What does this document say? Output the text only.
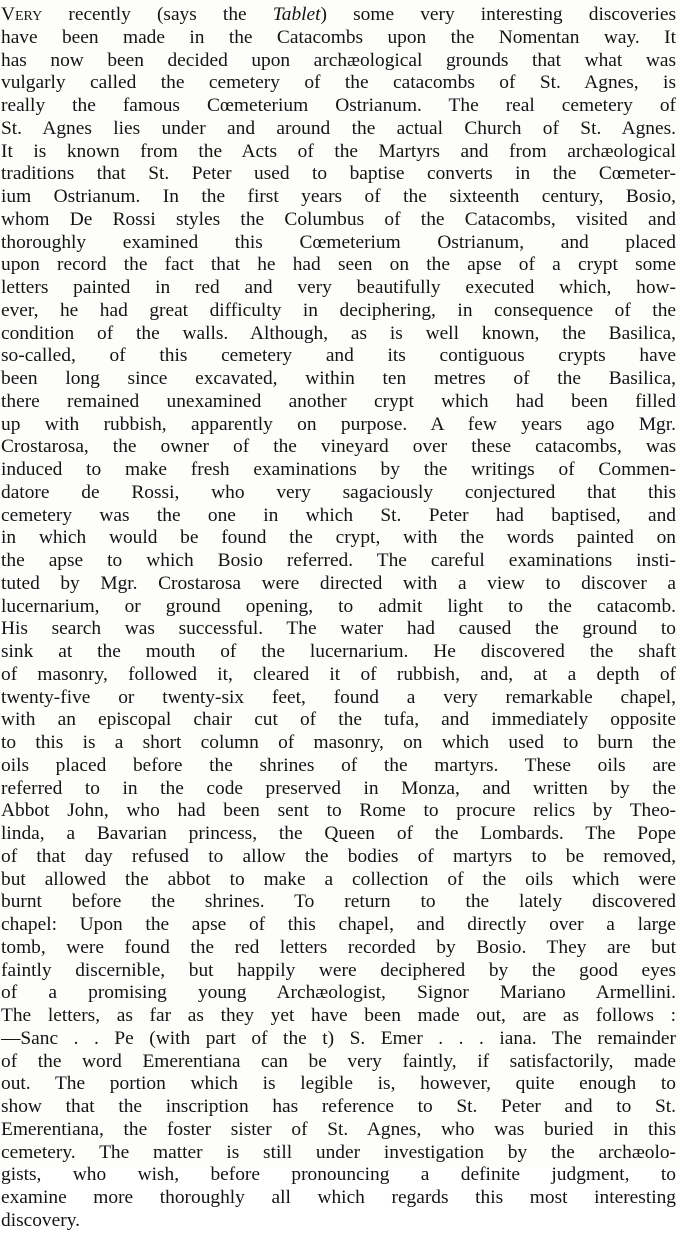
Very recently (says the Tablet) some very interesting discoveries
have been made in the Catacombs upon the Nomentan way. It
has now been decided upon archæological grounds that what was
vulgarly called the cemetery of the catacombs of St. Agnes, is
really the famous Cœmeterium Ostrianum. The real cemetery of
St. Agnes lies under and around the actual Church of St. Agnes.
It is known from the Acts of the Martyrs and from archæological
traditions that St. Peter used to baptise converts in the Cœmeter-
ium Ostrianum. In the first years of the sixteenth century, Bosio,
whom De Rossi styles the Columbus of the Catacombs, visited and
thoroughly examined this Cœmeterium Ostrianum, and placed
upon record the fact that he had seen on the apse of a crypt some
letters painted in red and very beautifully executed which, how-
ever, he had great difficulty in deciphering, in consequence of the
condition of the walls. Although, as is well known, the Basilica,
so-called, of this cemetery and its contiguous crypts have
been long since excavated, within ten metres of the Basilica,
there remained unexamined another crypt which had been filled
up with rubbish, apparently on purpose. A few years ago Mgr.
Crostarosa, the owner of the vineyard over these catacombs, was
induced to make fresh examinations by the writings of Commen-
datore de Rossi, who very sagaciously conjectured that this
cemetery was the one in which St. Peter had baptised, and
in which would be found the crypt, with the words painted on
the apse to which Bosio referred. The careful examinations insti-
tuted by Mgr. Crostarosa were directed with a view to discover a
lucernarium, or ground opening, to admit light to the catacomb.
His search was successful. The water had caused the ground to
sink at the mouth of the lucernarium. He discovered the shaft
of masonry, followed it, cleared it of rubbish, and, at a depth of
twenty-five or twenty-six feet, found a very remarkable chapel,
with an episcopal chair cut of the tufa, and immediately opposite
to this is a short column of masonry, on which used to burn the
oils placed before the shrines of the martyrs. These oils are
referred to in the code preserved in Monza, and written by the
Abbot John, who had been sent to Rome to procure relics by Theo-
linda, a Bavarian princess, the Queen of the Lombards. The Pope
of that day refused to allow the bodies of martyrs to be removed,
but allowed the abbot to make a collection of the oils which were
burnt before the shrines. To return to the lately discovered
chapel: Upon the apse of this chapel, and directly over a large
tomb, were found the red letters recorded by Bosio. They are but
faintly discernible, but happily were deciphered by the good eyes
of a promising young Archæologist, Signor Mariano Armellini.
The letters, as far as they yet have been made out, are as follows :
—Sanc . . Pe (with part of the t) S. Emer . . . iana. The remainder
of the word Emerentiana can be very faintly, if satisfactorily, made
out. The portion which is legible is, however, quite enough to
show that the inscription has reference to St. Peter and to St.
Emerentiana, the foster sister of St. Agnes, who was buried in this
cemetery. The matter is still under investigation by the archæolo-
gists, who wish, before pronouncing a definite judgment, to
examine more thoroughly all which regards this most interesting
discovery.
